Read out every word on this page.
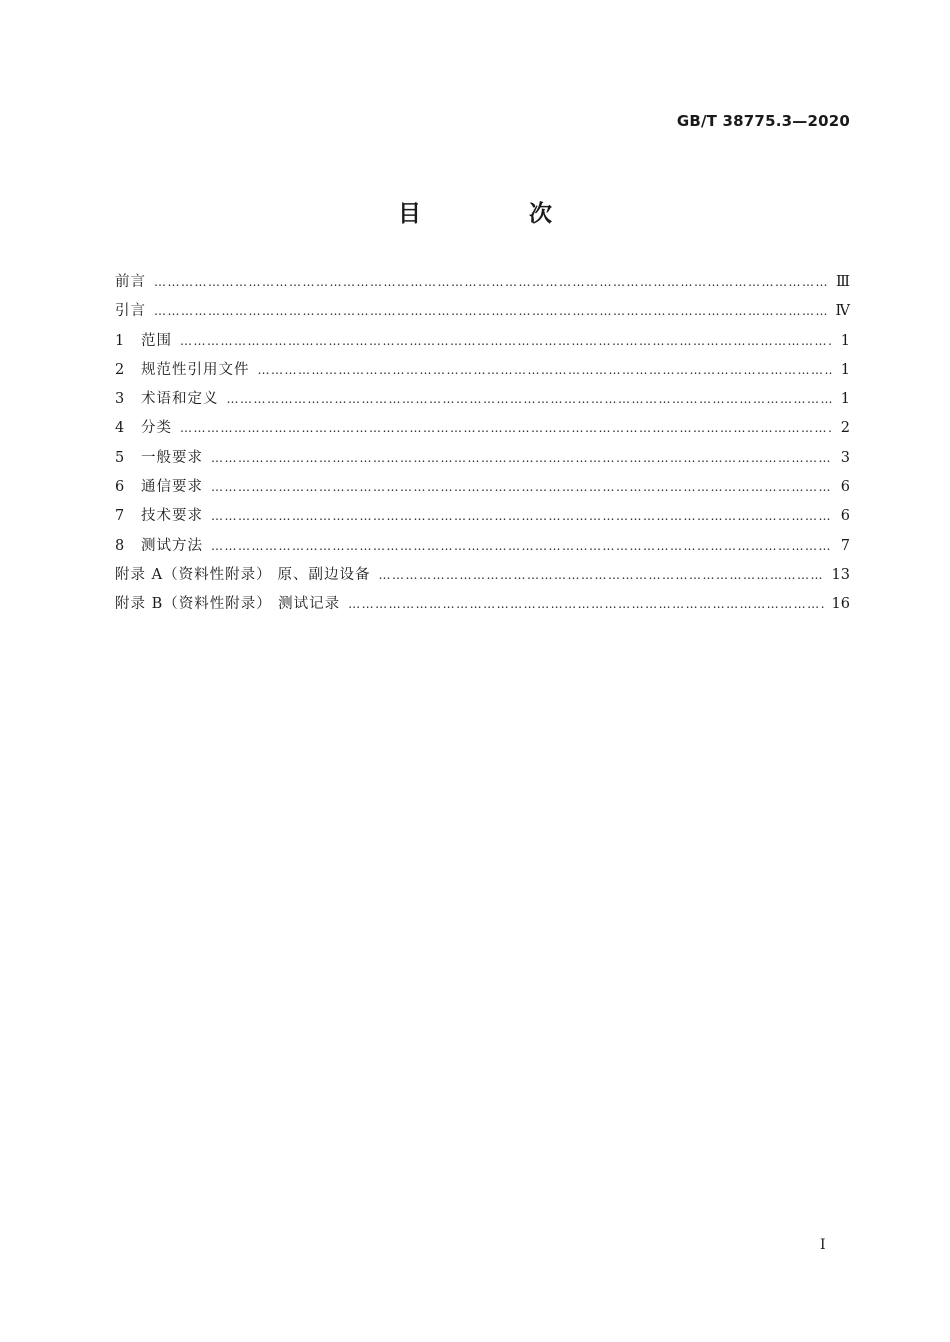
GB/T 38775.3—2020
目 次
前言 ………………………………………………………………………………………………………………………………………………………………………………………………………………	Ⅲ
引言 ………………………………………………………………………………………………………………………………………………………………………………………………………………	Ⅳ
1	范围 ………………………………………………………………………………………………………………………………………………………………………………………………………………	1
2	规范性引用文件 ………………………………………………………………………………………………………………………………………………………………………………………………………………	1
3	术语和定义 ………………………………………………………………………………………………………………………………………………………………………………………………………………	1
4	分类 ………………………………………………………………………………………………………………………………………………………………………………………………………………	2
5	一般要求 ………………………………………………………………………………………………………………………………………………………………………………………………………………	3
6	通信要求 ………………………………………………………………………………………………………………………………………………………………………………………………………………	6
7	技术要求 ………………………………………………………………………………………………………………………………………………………………………………………………………………	6
8	测试方法 ………………………………………………………………………………………………………………………………………………………………………………………………………………	7
附录 A（资料性附录） 原、副边设备 ………………………………………………………………………………………………………………………………………………………………………………………………………………	13
附录 B（资料性附录） 测试记录 ………………………………………………………………………………………………………………………………………………………………………………………………………………	16
Ⅰ
